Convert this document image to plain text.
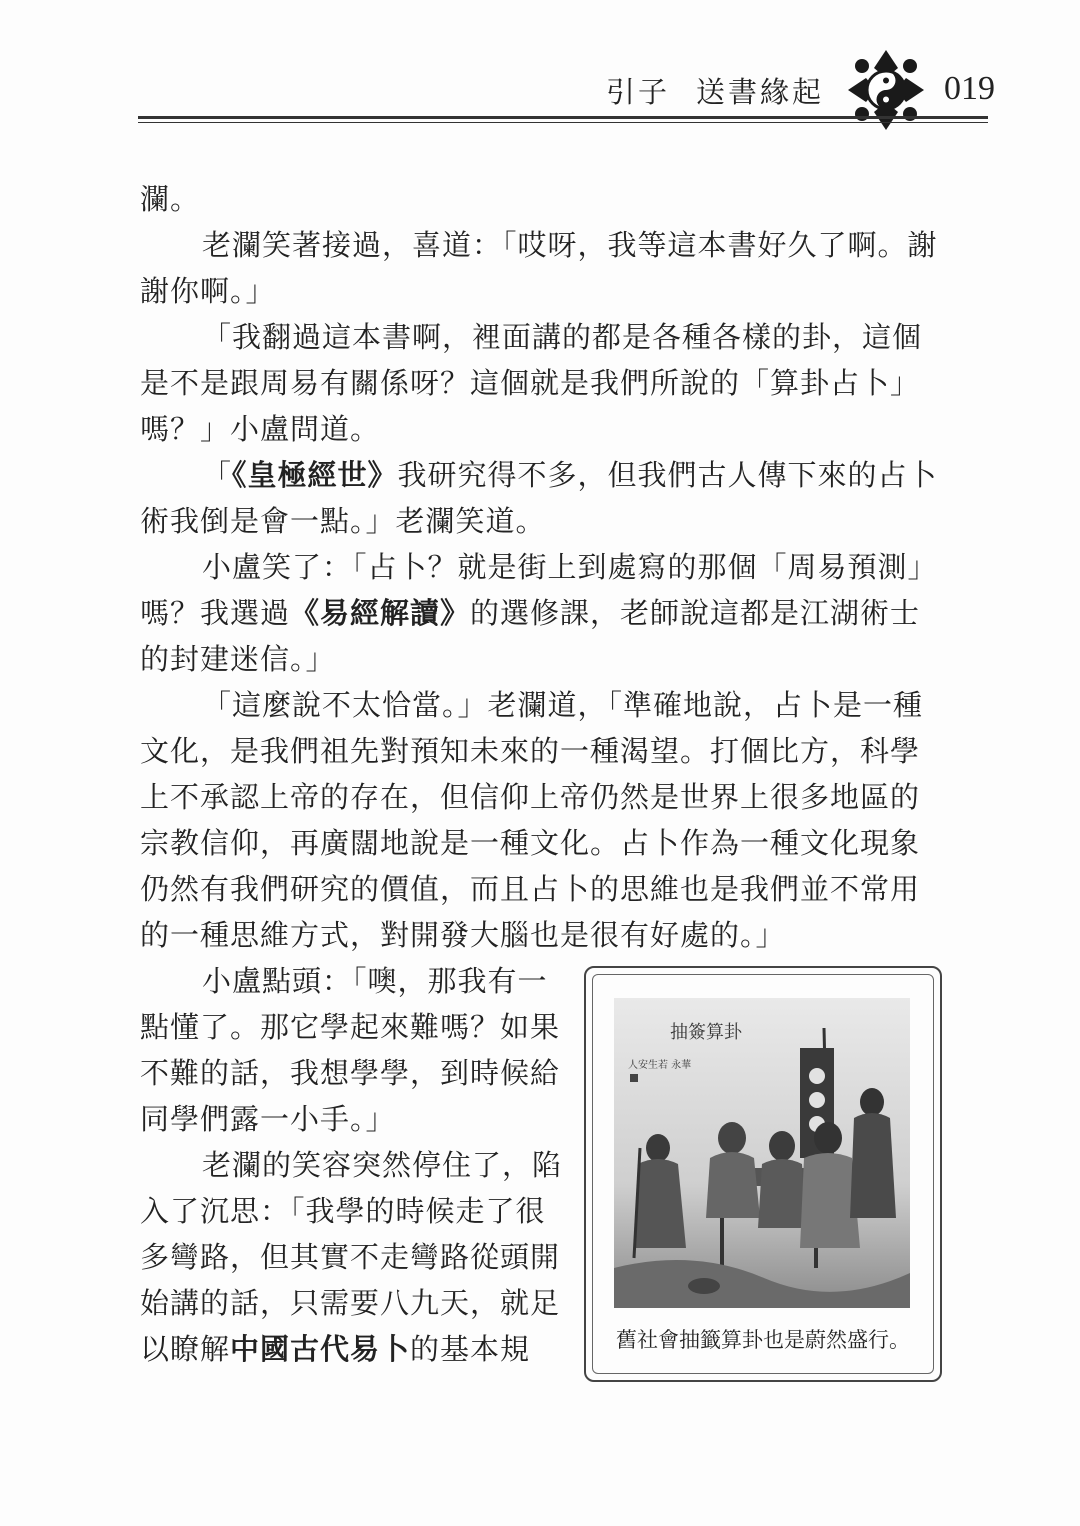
引子 送書緣起	019
瀾。
老瀾笑著接過，喜道：「哎呀，我等這本書好久了啊。謝謝你啊。」
「我翻過這本書啊，裡面講的都是各種各樣的卦，這個是不是跟周易有關係呀？這個就是我們所說的「算卦占卜」嗎？」小盧問道。
「《皇極經世》我研究得不多，但我們古人傳下來的占卜術我倒是會一點。」老瀾笑道。
小盧笑了：「占卜？就是街上到處寫的那個「周易預測」嗎？我選過《易經解讀》的選修課，老師說這都是江湖術士的封建迷信。」
「這麼說不太恰當。」老瀾道，「準確地說，占卜是一種文化，是我們祖先對預知未來的一種渴望。打個比方，科學上不承認上帝的存在，但信仰上帝仍然是世界上很多地區的宗教信仰，再廣闊地說是一種文化。占卜作為一種文化現象仍然有我們研究的價值，而且占卜的思維也是我們並不常用的一種思維方式，對開發大腦也是很有好處的。」
小盧點頭：「噢，那我有一點懂了。那它學起來難嗎？如果不難的話，我想學學，到時候給同學們露一小手。」
老瀾的笑容突然停住了，陷入了沉思：「我學的時候走了很多彎路，但其實不走彎路從頭開始講的話，只需要八九天，就足以瞭解中國古代易卜的基本規
抽簽算卦
人安生若 永華
舊社會抽籤算卦也是蔚然盛行。
